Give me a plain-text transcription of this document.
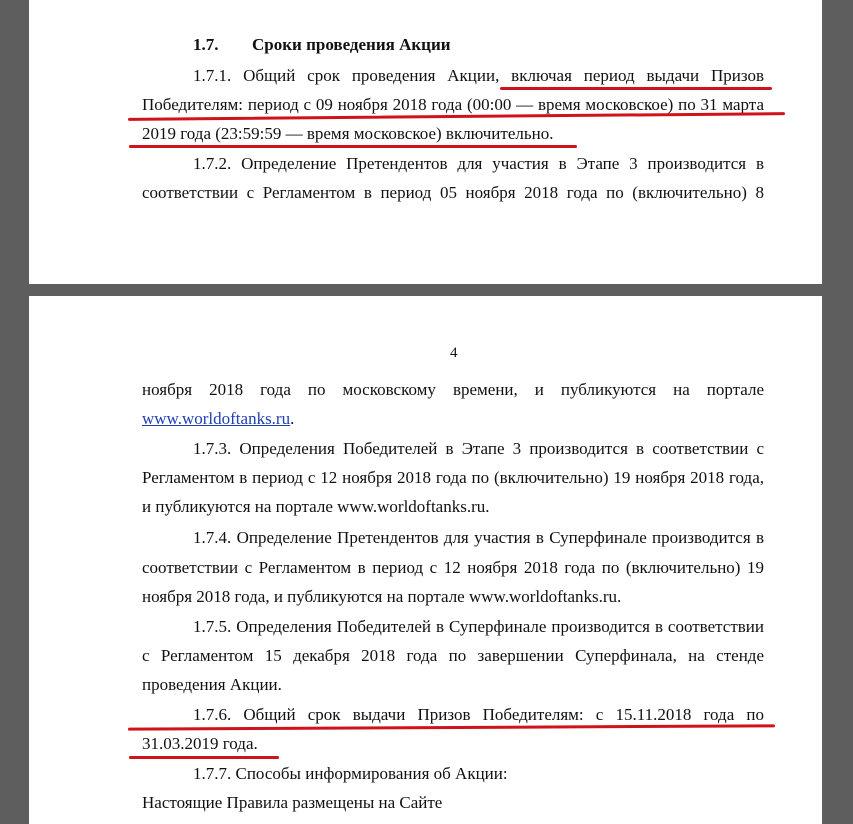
1.7. Сроки проведения Акции
1.7.1. Общий срок проведения Акции, включая период выдачи Призов
Победителям: период с 09 ноября 2018 года (00:00 — время московское) по 31 марта
2019 года (23:59:59 — время московское) включительно.
1.7.2. Определение Претендентов для участия в Этапе 3 производится в
соответствии с Регламентом в период 05 ноября 2018 года по (включительно) 8
4
ноября 2018 года по московскому времени, и публикуются на портале
www.worldoftanks.ru.
1.7.3. Определения Победителей в Этапе 3 производится в соответствии с
Регламентом в период с 12 ноября 2018 года по (включительно) 19 ноября 2018 года,
и публикуются на портале www.worldoftanks.ru.
1.7.4. Определение Претендентов для участия в Суперфинале производится в
соответствии с Регламентом в период с 12 ноября 2018 года по (включительно) 19
ноября 2018 года, и публикуются на портале www.worldoftanks.ru.
1.7.5. Определения Победителей в Суперфинале производится в соответствии
с Регламентом 15 декабря 2018 года по завершении Суперфинала, на стенде
проведения Акции.
1.7.6. Общий срок выдачи Призов Победителям: с 15.11.2018 года по
31.03.2019 года.
1.7.7. Способы информирования об Акции:
Настоящие Правила размещены на Сайте
